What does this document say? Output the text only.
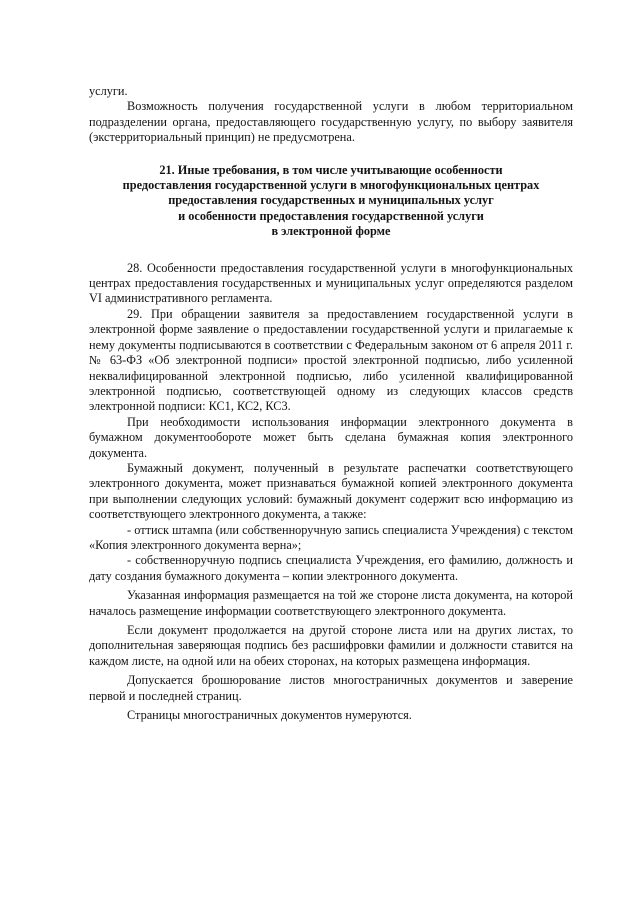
услуги.

Возможность получения государственной услуги в любом территориальном подразделении органа, предоставляющего государственную услугу, по выбору заявителя (экстерриториальный принцип) не предусмотрена.

21. Иные требования, в том числе учитывающие особенности
предоставления государственной услуги в многофункциональных центрах
предоставления государственных и муниципальных услуг
и особенности предоставления государственной услуги
в электронной форме

28. Особенности предоставления государственной услуги в многофункциональных центрах предоставления государственных и муниципальных услуг определяются разделом VI административного регламента.

29. При обращении заявителя за предоставлением государственной услуги в электронной форме заявление о предоставлении государственной услуги и прилагаемые к нему документы подписываются в соответствии с Федеральным законом от 6 апреля 2011 г. № 63-ФЗ «Об электронной подписи» простой электронной подписью, либо усиленной неквалифицированной электронной подписью, либо усиленной квалифицированной электронной подписью, соответствующей одному из следующих классов средств электронной подписи: КС1, КС2, КС3.

При необходимости использования информации электронного документа в бумажном документообороте может быть сделана бумажная копия электронного документа.

Бумажный документ, полученный в результате распечатки соответствующего электронного документа, может признаваться бумажной копией электронного документа при выполнении следующих условий: бумажный документ содержит всю информацию из соответствующего электронного документа, а также:

- оттиск штампа (или собственноручную запись специалиста Учреждения) с текстом «Копия электронного документа верна»;

- собственноручную подпись специалиста Учреждения, его фамилию, должность и дату создания бумажного документа – копии электронного документа.

Указанная информация размещается на той же стороне листа документа, на которой началось размещение информации соответствующего электронного документа.

Если документ продолжается на другой стороне листа или на других листах, то дополнительная заверяющая подпись без расшифровки фамилии и должности ставится на каждом листе, на одной или на обеих сторонах, на которых размещена информация.

Допускается брошюрование листов многостраничных документов и заверение первой и последней страниц.

Страницы многостраничных документов нумеруются.
